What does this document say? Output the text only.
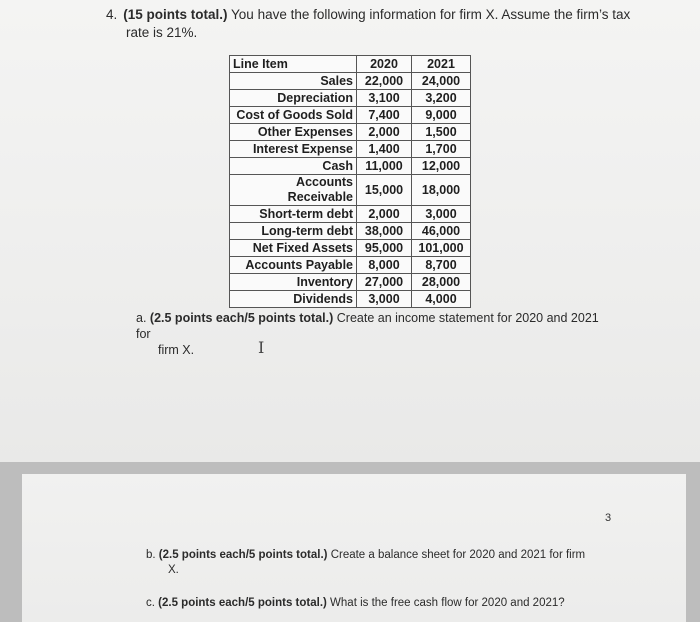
4. (15 points total.) You have the following information for firm X. Assume the firm’s tax
rate is 21%.
Line Item	2020	2021
Sales	22,000	24,000
Depreciation	3,100	3,200
Cost of Goods Sold	7,400	9,000
Other Expenses	2,000	1,500
Interest Expense	1,400	1,700
Cash	11,000	12,000
Accounts Receivable	15,000	18,000
Short-term debt	2,000	3,000
Long-term debt	38,000	46,000
Net Fixed Assets	95,000	101,000
Accounts Payable	8,000	8,700
Inventory	27,000	28,000
Dividends	3,000	4,000
a. (2.5 points each/5 points total.) Create an income statement for 2020 and 2021 for
firm X.	I
3
b. (2.5 points each/5 points total.) Create a balance sheet for 2020 and 2021 for firm
X.
c. (2.5 points each/5 points total.) What is the free cash flow for 2020 and 2021?
